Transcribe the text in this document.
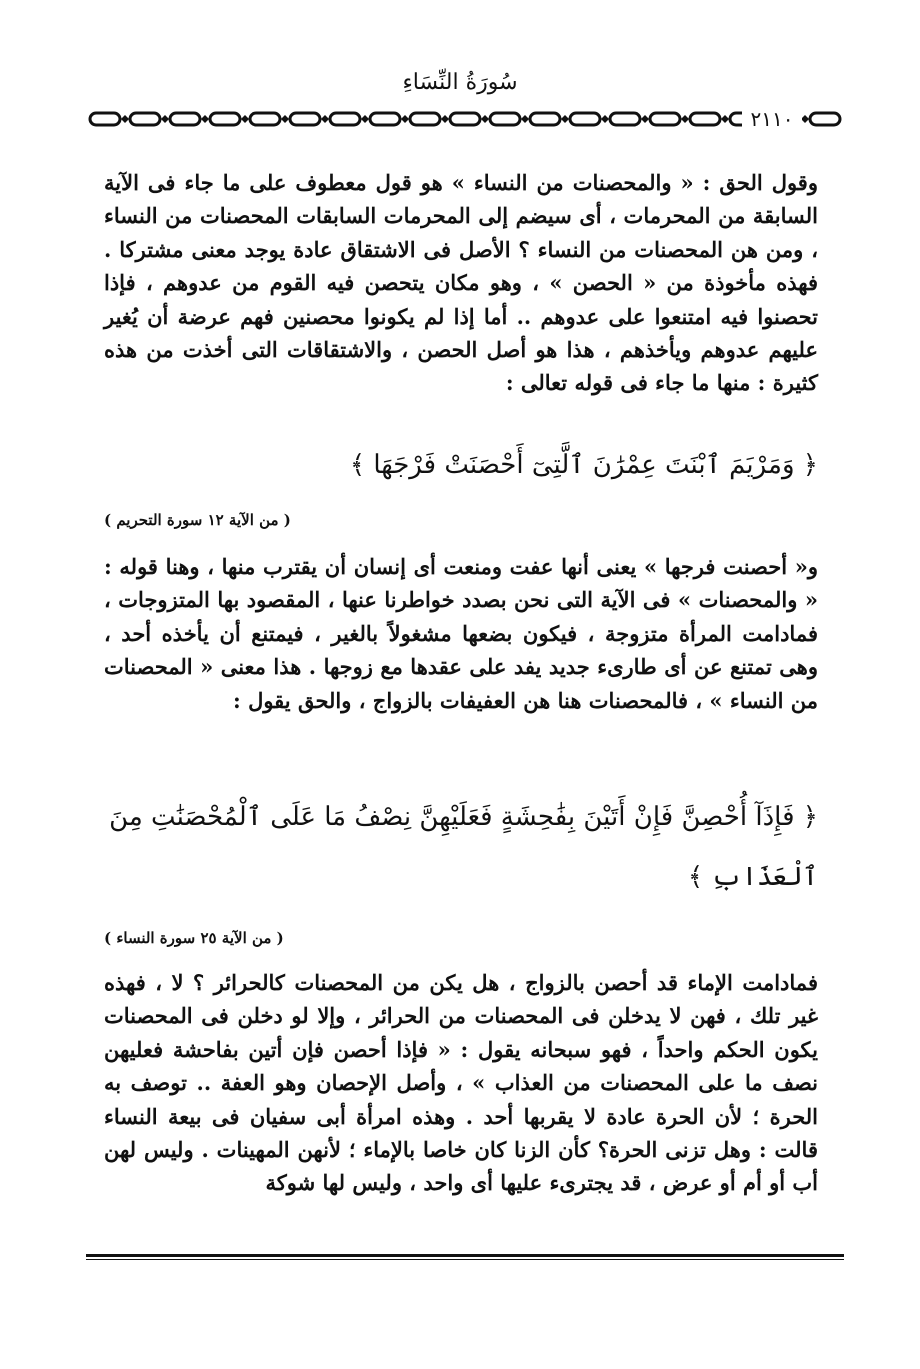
سُورَةُ النِّسَاءِ
٢١١٠

وقول الحق : « والمحصنات من النساء » هو قول معطوف على ما جاء فى الآية السابقة من المحرمات ، أى سيضم إلى المحرمات السابقات المحصنات من النساء ، ومن هن المحصنات من النساء ؟ الأصل فى الاشتقاق عادة يوجد معنى مشتركا . فهذه مأخوذة من « الحصن » ، وهو مكان يتحصن فيه القوم من عدوهم ، فإذا تحصنوا فيه امتنعوا على عدوهم .. أما إذا لم يكونوا محصنين فهم عرضة أن يُغير عليهم عدوهم ويأخذهم ، هذا هو أصل الحصن ، والاشتقاقات التى أخذت من هذه كثيرة : منها ما جاء فى قوله تعالى :

﴿ وَمَرْيَمَ ٱبْنَتَ عِمْرَٰنَ ٱلَّتِىٓ أَحْصَنَتْ فَرْجَهَا ﴾
( من الآية ١٢ سورة التحريم )

و« أحصنت فرجها » يعنى أنها عفت ومنعت أى إنسان أن يقترب منها ، وهنا قوله : « والمحصنات » فى الآية التى نحن بصدد خواطرنا عنها ، المقصود بها المتزوجات ، فمادامت المرأة متزوجة ، فيكون بضعها مشغولاً بالغير ، فيمتنع أن يأخذه أحد ، وهى تمتنع عن أى طارىء جديد يفد على عقدها مع زوجها . هذا معنى « المحصنات من النساء » ، فالمحصنات هنا هن العفيفات بالزواج ، والحق يقول :

﴿ فَإِذَآ أُحْصِنَّ فَإِنْ أَتَيْنَ بِفَٰحِشَةٍ فَعَلَيْهِنَّ نِصْفُ مَا عَلَى ٱلْمُحْصَنَٰتِ مِنَ
ٱلْعَذَابِ ﴾
( من الآية ٢٥ سورة النساء )

فمادامت الإماء قد أحصن بالزواج ، هل يكن من المحصنات كالحرائر ؟ لا ، فهذه غير تلك ، فهن لا يدخلن فى المحصنات من الحرائر ، وإلا لو دخلن فى المحصنات يكون الحكم واحداً ، فهو سبحانه يقول : « فإذا أحصن فإن أتين بفاحشة فعليهن نصف ما على المحصنات من العذاب » ، وأصل الإحصان وهو العفة .. توصف به الحرة ؛ لأن الحرة عادة لا يقربها أحد . وهذه امرأة أبى سفيان فى بيعة النساء قالت : وهل تزنى الحرة؟ كأن الزنا كان خاصا بالإماء ؛ لأنهن المهينات . وليس لهن أب أو أم أو عرض ، قد يجترىء عليها أى واحد ، وليس لها شوكة
